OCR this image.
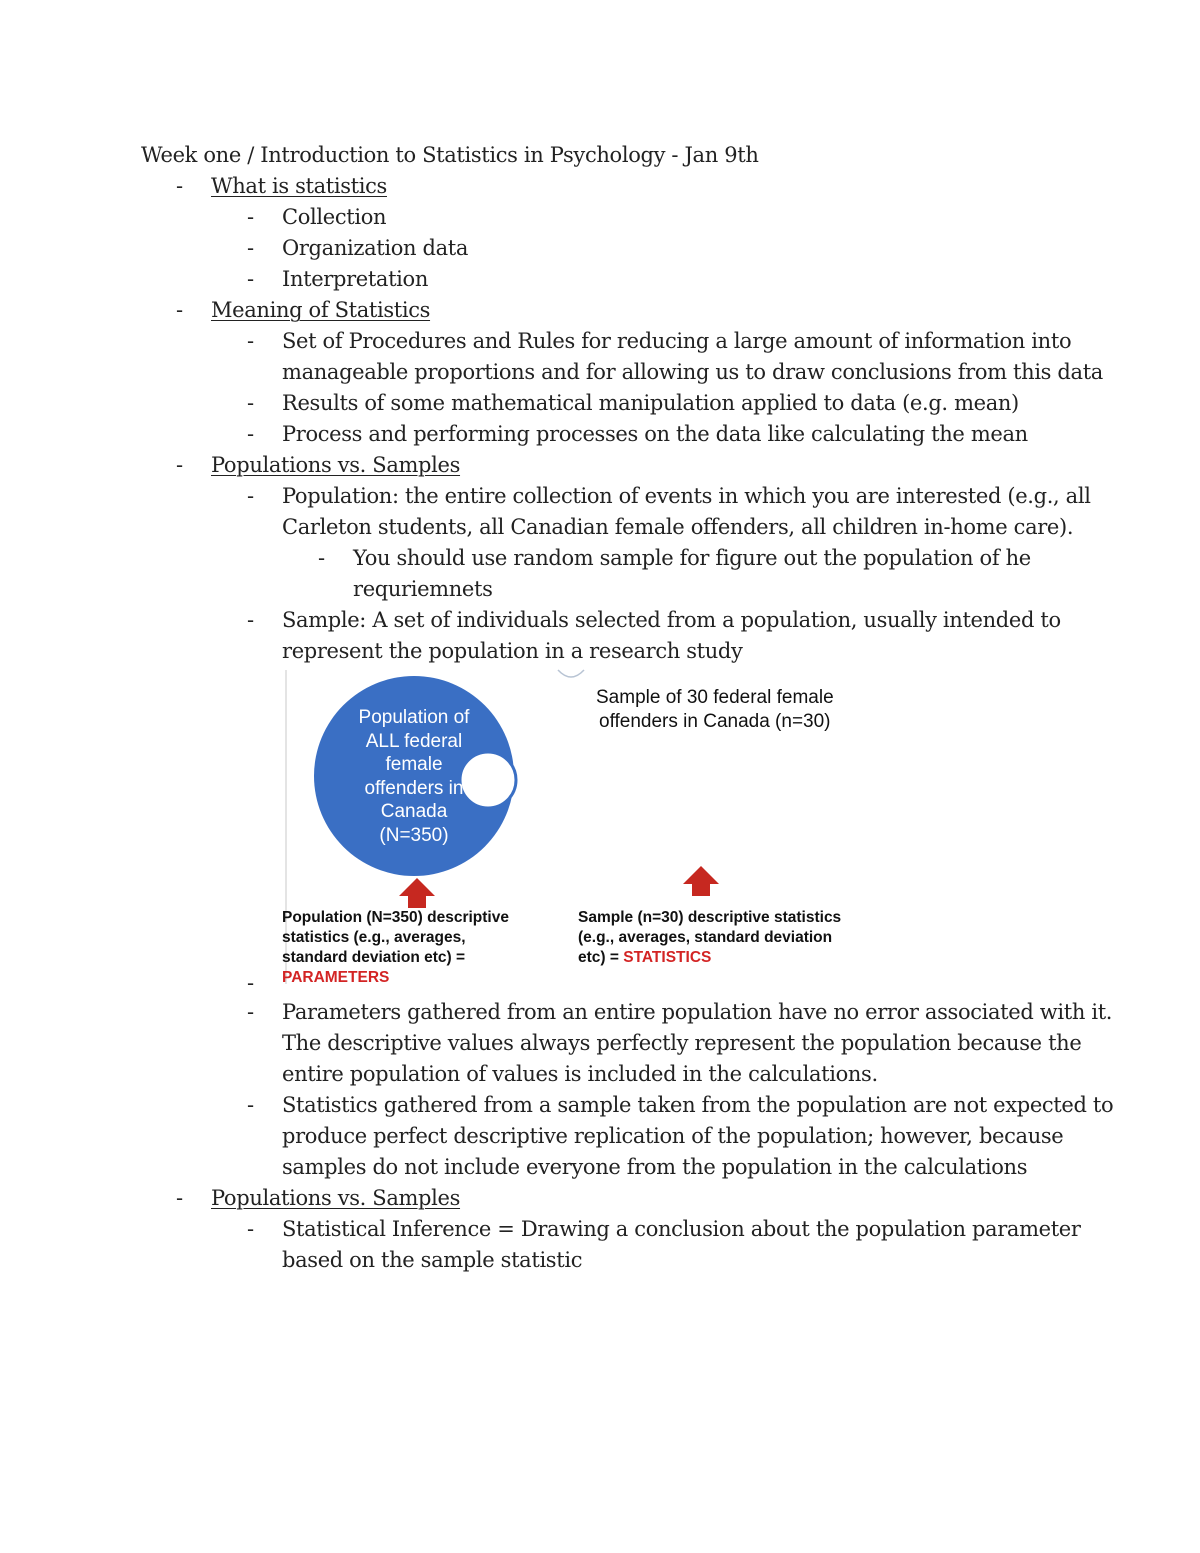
Week one / Introduction to Statistics in Psychology - Jan 9th
- What is statistics
- Collection
- Organization data
- Interpretation
- Meaning of Statistics
- Set of Procedures and Rules for reducing a large amount of information into
manageable proportions and for allowing us to draw conclusions from this data
- Results of some mathematical manipulation applied to data (e.g. mean)
- Process and performing processes on the data like calculating the mean
- Populations vs. Samples
- Population: the entire collection of events in which you are interested (e.g., all
Carleton students, all Canadian female offenders, all children in-home care).
- You should use random sample for figure out the population of he
requriemnets
- Sample: A set of individuals selected from a population, usually intended to
represent the population in a research study
Population of
ALL federal
female
offenders in
Canada
(N=350)
Sample of 30 federal female
offenders in Canada (n=30)
Population (N=350) descriptive
statistics (e.g., averages,
standard deviation etc) =
PARAMETERS
Sample (n=30) descriptive statistics
(e.g., averages, standard deviation
etc) = STATISTICS
-
- Parameters gathered from an entire population have no error associated with it.
The descriptive values always perfectly represent the population because the
entire population of values is included in the calculations.
- Statistics gathered from a sample taken from the population are not expected to
produce perfect descriptive replication of the population; however, because
samples do not include everyone from the population in the calculations
- Populations vs. Samples
- Statistical Inference = Drawing a conclusion about the population parameter
based on the sample statistic
